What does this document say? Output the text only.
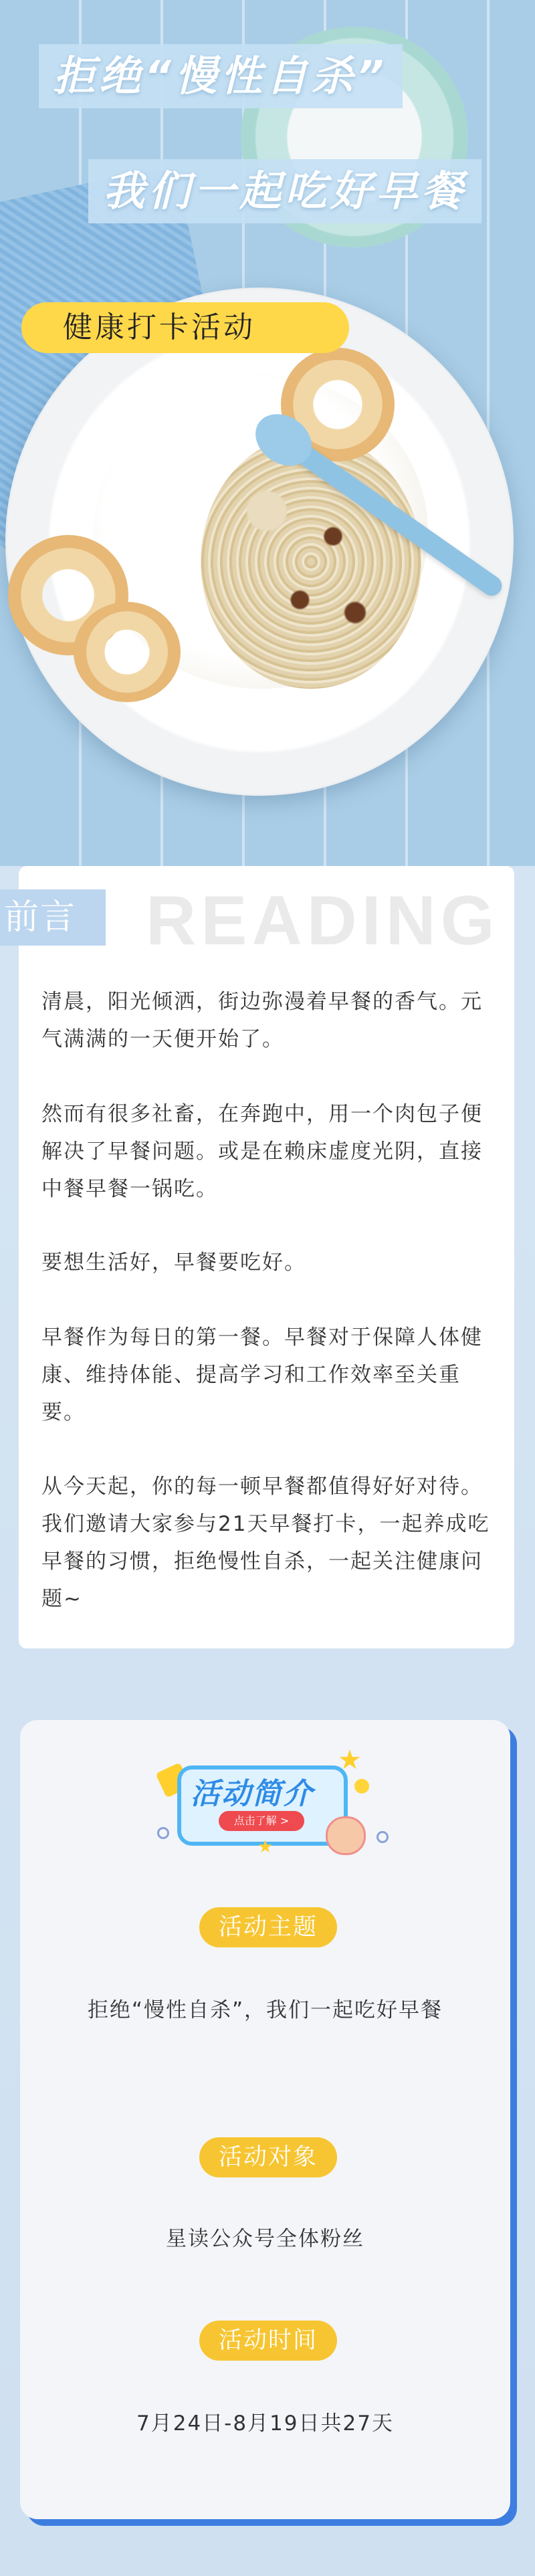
拒绝“慢性自杀”
我们一起吃好早餐
健康打卡活动
前言 READING

清晨，阳光倾洒，街边弥漫着早餐的香气。元气满满的一天便开始了。

然而有很多社畜，在奔跑中，用一个肉包子便解决了早餐问题。或是在赖床虚度光阴，直接中餐早餐一锅吃。

要想生活好，早餐要吃好。

早餐作为每日的第一餐。早餐对于保障人体健康、维持体能、提高学习和工作效率至关重要。

从今天起，你的每一顿早餐都值得好好对待。我们邀请大家参与21天早餐打卡，一起养成吃早餐的习惯，拒绝慢性自杀，一起关注健康问题~

活动简介
点击了解 >
★
★
活动主题
拒绝“慢性自杀”，我们一起吃好早餐
活动对象
星读公众号全体粉丝
活动时间
7月24日-8月19日共27天
